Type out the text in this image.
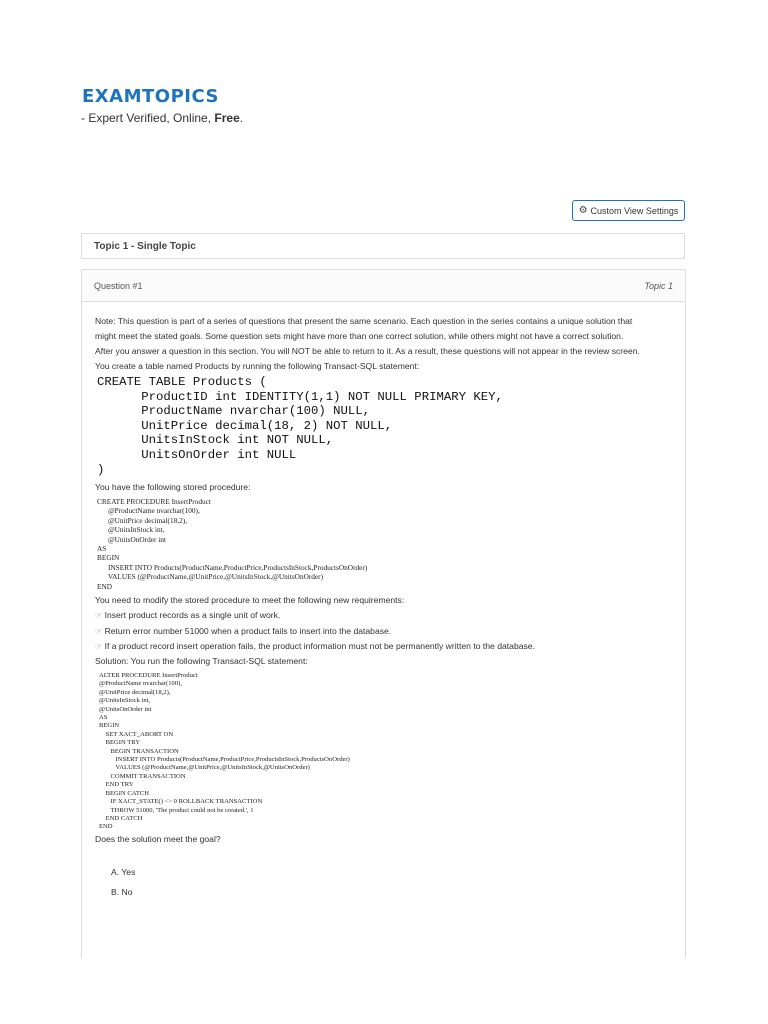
EXAMTOPICS
- Expert Verified, Online, Free.
⚙ Custom View Settings
Topic 1 - Single Topic
Question #1	Topic 1
Note: This question is part of a series of questions that present the same scenario. Each question in the series contains a unique solution that
might meet the stated goals. Some question sets might have more than one correct solution, while others might not have a correct solution.
After you answer a question in this section. You will NOT be able to return to it. As a result, these questions will not appear in the review screen.
You create a table named Products by running the following Transact-SQL statement:
CREATE TABLE Products (
ProductID int IDENTITY(1,1) NOT NULL PRIMARY KEY,
ProductName nvarchar(100) NULL,
UnitPrice decimal(18, 2) NOT NULL,
UnitsInStock int NOT NULL,
UnitsOnOrder int NULL
)
You have the following stored procedure:
CREATE PROCEDURE InsertProduct
@ProductName nvarchar(100),
@UnitPrice decimal(18,2),
@UnitsInStock int,
@UnitsOnOrder int
AS
BEGIN
INSERT INTO Products(ProductName,ProductPrice,ProductsInStock,ProductsOnOrder)
VALUES (@ProductName,@UnitPrice,@UnitsInStock,@UnitsOnOrder)
END
You need to modify the stored procedure to meet the following new requirements:
☞ Insert product records as a single unit of work.
☞ Return error number 51000 when a product fails to insert into the database.
☞ If a product record insert operation fails, the product information must not be permanently written to the database.
Solution: You run the following Transact-SQL statement:
ALTER PROCEDURE InsertProduct
@ProductName nvarchar(100),
@UnitPrice decimal(18,2),
@UnitsInStock int,
@UnitsOnOrder int
AS
BEGIN
SET XACT_ABORT ON
BEGIN TRY
BEGIN TRANSACTION
INSERT INTO Products(ProductName,ProductPrice,ProductsInStock,ProductsOnOrder)
VALUES (@ProductName,@UnitPrice,@UnitsInStock,@UnitsOnOrder)
COMMIT TRANSACTION
END TRY
BEGIN CATCH
IF XACT_STATE() <> 0 ROLLBACK TRANSACTION
THROW 51000, 'The product could not be created.', 1
END CATCH
END
Does the solution meet the goal?
A. Yes
B. No
